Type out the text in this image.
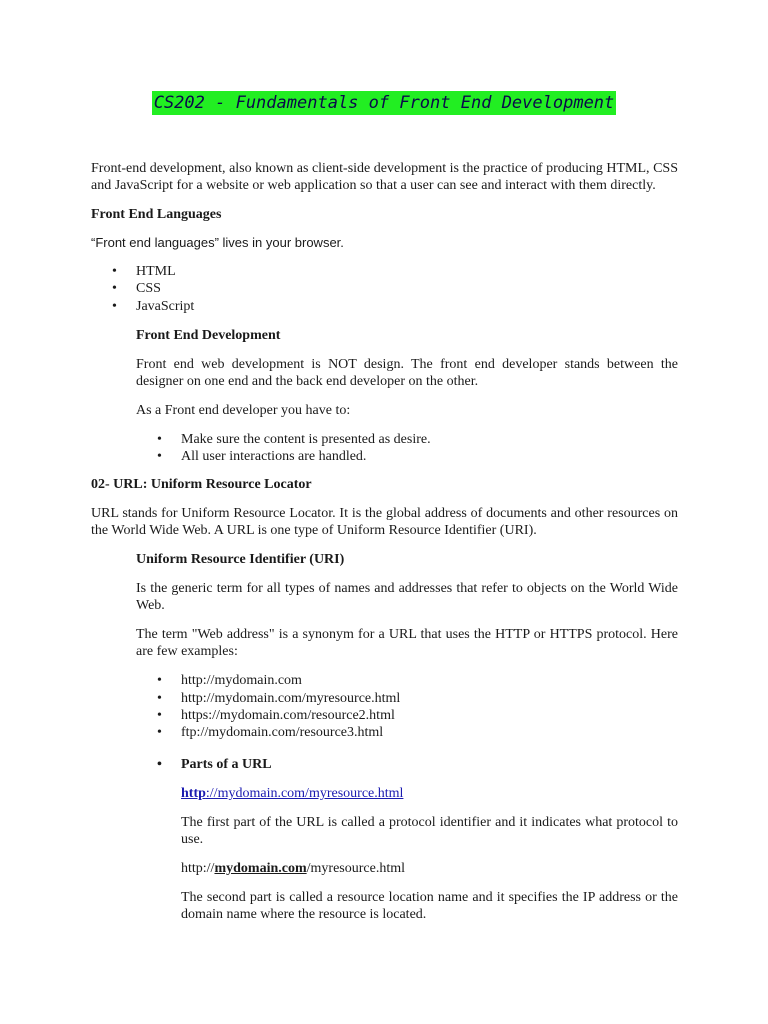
CS202 - Fundamentals of Front End Development

Front-end development, also known as client-side development is the practice of producing HTML, CSS and JavaScript for a website or web application so that a user can see and interact with them directly.

Front End Languages

“Front end languages” lives in your browser.

• HTML
• CSS
• JavaScript

Front End Development

Front end web development is NOT design. The front end developer stands between the designer on one end and the back end developer on the other.

As a Front end developer you have to:

• Make sure the content is presented as desire.
• All user interactions are handled.

02- URL: Uniform Resource Locator

URL stands for Uniform Resource Locator. It is the global address of documents and other resources on the World Wide Web. A URL is one type of Uniform Resource Identifier (URI).

Uniform Resource Identifier (URI)

Is the generic term for all types of names and addresses that refer to objects on the World Wide Web.

The term "Web address" is a synonym for a URL that uses the HTTP or HTTPS protocol. Here are few examples:

• http://mydomain.com
• http://mydomain.com/myresource.html
• https://mydomain.com/resource2.html
• ftp://mydomain.com/resource3.html
• Parts of a URL

http://mydomain.com/myresource.html

The first part of the URL is called a protocol identifier and it indicates what protocol to use.

http://mydomain.com/myresource.html

The second part is called a resource location name and it specifies the IP address or the domain name where the resource is located.
